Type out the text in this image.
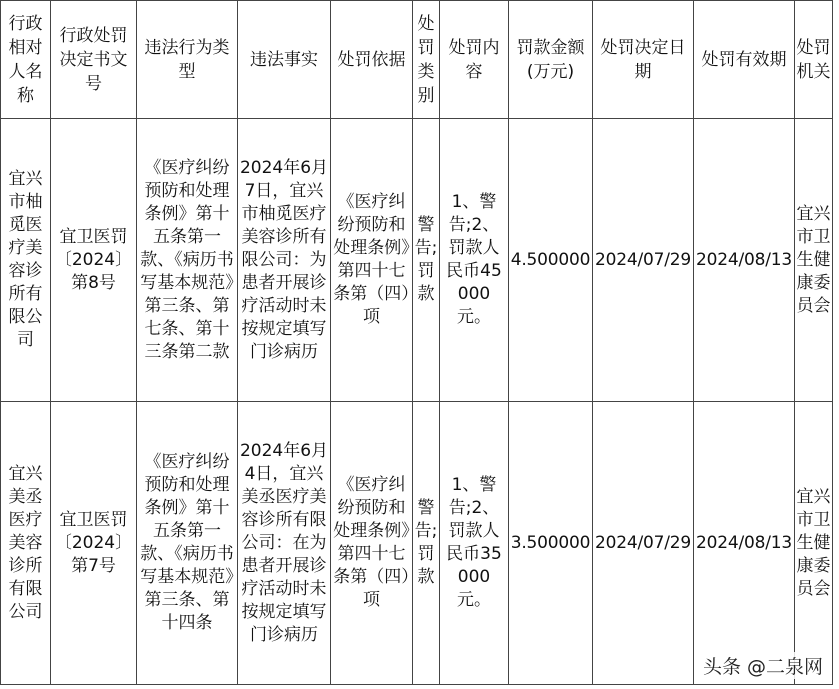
行政相对人名称	行政处罚决定书文号	违法行为类型	违法事实	处罚依据	处罚类别	处罚内容	罚款金额(万元)	处罚决定日期	处罚有效期	处罚机关
宜兴市柚觅医疗美容诊所有限公司	宜卫医罚〔2024〕第8号	《医疗纠纷预防和处理条例》第十五条第一款、《病历书写基本规范》第三条、第七条、第十三条第二款	2024年6月7日，宜兴市柚觅医疗美容诊所有限公司：为患者开展诊疗活动时未按规定填写门诊病历	《医疗纠纷预防和处理条例》第四十七条第（四）项	警告;罚款	1、警告;2、罚款人民币45000元。	4.500000	2024/07/29	2024/08/13	宜兴市卫生健康委员会
宜兴美丞医疗美容诊所有限公司	宜卫医罚〔2024〕第7号	《医疗纠纷预防和处理条例》第十五条第一款、《病历书写基本规范》第三条、第十四条	2024年6月4日，宜兴美丞医疗美容诊所有限公司：在为患者开展诊疗活动时未按规定填写门诊病历	《医疗纠纷预防和处理条例》第四十七条第（四）项	警告;罚款	1、警告;2、罚款人民币35000元。	3.500000	2024/07/29	2024/08/13	宜兴市卫生健康委员会
头条 @二泉网
